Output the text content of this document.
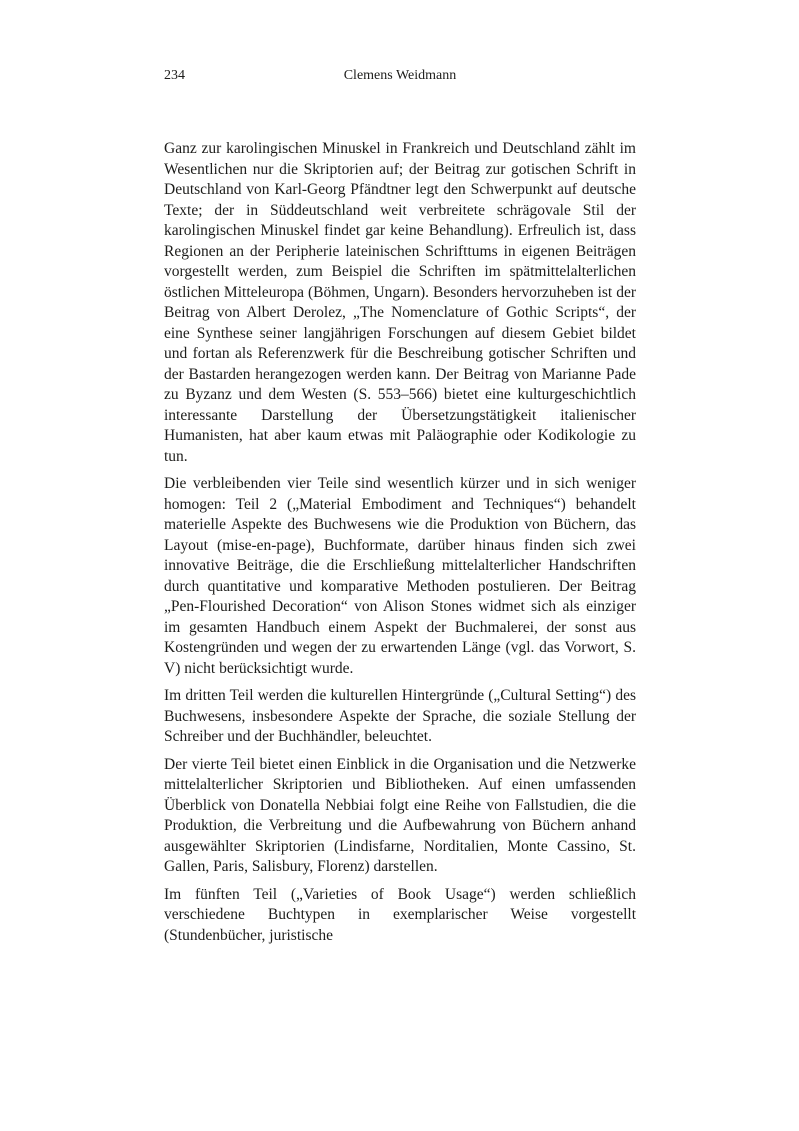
234	Clemens Weidmann

Ganz zur karolingischen Minuskel in Frankreich und Deutschland zählt im Wesentlichen nur die Skriptorien auf; der Beitrag zur gotischen Schrift in Deutschland von Karl-Georg Pfändtner legt den Schwerpunkt auf deutsche Texte; der in Süddeutschland weit verbreitete schrägovale Stil der karolingischen Minuskel findet gar keine Behandlung). Erfreulich ist, dass Regionen an der Peripherie lateinischen Schrifttums in eigenen Beiträgen vorgestellt werden, zum Beispiel die Schriften im spätmittelalterlichen östlichen Mitteleuropa (Böhmen, Ungarn). Besonders hervorzuheben ist der Beitrag von Albert Derolez, „The Nomenclature of Gothic Scripts“, der eine Synthese seiner langjährigen Forschungen auf diesem Gebiet bildet und fortan als Referenzwerk für die Beschreibung gotischer Schriften und der Bastarden herangezogen werden kann. Der Beitrag von Marianne Pade zu Byzanz und dem Westen (S. 553–566) bietet eine kulturgeschichtlich interessante Darstellung der Übersetzungstätigkeit italienischer Humanisten, hat aber kaum etwas mit Paläographie oder Kodikologie zu tun.

Die verbleibenden vier Teile sind wesentlich kürzer und in sich weniger homogen: Teil 2 („Material Embodiment and Techniques“) behandelt materielle Aspekte des Buchwesens wie die Produktion von Büchern, das Layout (mise-en-page), Buchformate, darüber hinaus finden sich zwei innovative Beiträge, die die Erschließung mittelalterlicher Handschriften durch quantitative und komparative Methoden postulieren. Der Beitrag „Pen-Flourished Decoration“ von Alison Stones widmet sich als einziger im gesamten Handbuch einem Aspekt der Buchmalerei, der sonst aus Kostengründen und wegen der zu erwartenden Länge (vgl. das Vorwort, S. V) nicht berücksichtigt wurde.

Im dritten Teil werden die kulturellen Hintergründe („Cultural Setting“) des Buchwesens, insbesondere Aspekte der Sprache, die soziale Stellung der Schreiber und der Buchhändler, beleuchtet.

Der vierte Teil bietet einen Einblick in die Organisation und die Netzwerke mittelalterlicher Skriptorien und Bibliotheken. Auf einen umfassenden Überblick von Donatella Nebbiai folgt eine Reihe von Fallstudien, die die Produktion, die Verbreitung und die Aufbewahrung von Büchern anhand ausgewählter Skriptorien (Lindisfarne, Norditalien, Monte Cassino, St. Gallen, Paris, Salisbury, Florenz) darstellen.

Im fünften Teil („Varieties of Book Usage“) werden schließlich verschiedene Buchtypen in exemplarischer Weise vorgestellt (Stundenbücher, juristische
